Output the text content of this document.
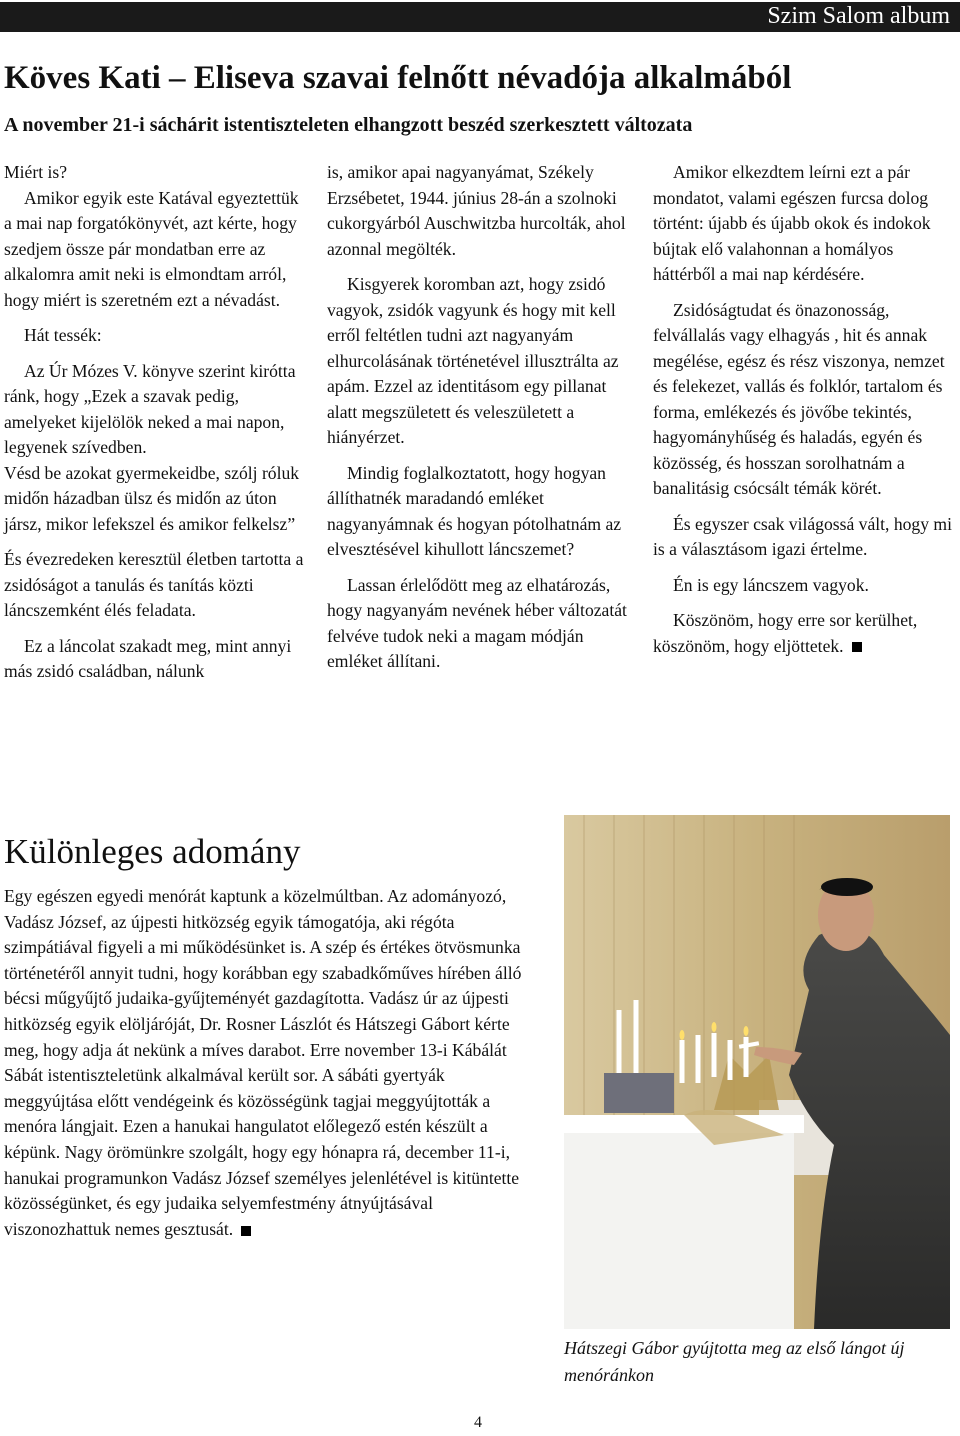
Szim Salom album
Köves Kati – Eliseva szavai felnőtt névadója alkalmából
A november 21-i sáchárit istentiszteleten elhangzott beszéd szerkesztett változata

Miért is?

Amikor egyik este Katával egyeztettük a mai nap forgatókönyvét, azt kérte, hogy szedjem össze pár mondatban erre az alkalomra amit neki is elmondtam arról, hogy miért is szeretném ezt a névadást.

Hát tessék:

Az Úr Mózes V. könyve szerint kirótta ránk, hogy „Ezek a szavak pedig, amelyeket kijelölök neked a mai napon, legyenek szívedben.

Vésd be azokat gyermekeidbe, szólj róluk midőn házadban ülsz és midőn az úton jársz, mikor lefekszel és amikor felkelsz”

És évezredeken keresztül életben tartotta a zsidóságot a tanulás és tanítás közti láncszemként élés feladata.

Ez a láncolat szakadt meg, mint annyi más zsidó családban, nálunk

is, amikor apai nagyanyámat, Székely Erzsébetet, 1944. június 28-án a szolnoki cukorgyárból Auschwitzba hurcolták, ahol azonnal megölték.

Kisgyerek koromban azt, hogy zsidó vagyok, zsidók vagyunk és hogy mit kell erről feltétlen tudni azt nagyanyám elhurcolásának történetével illusztrálta az apám. Ezzel az identitásom egy pillanat alatt megszületett és veleszületett a hiányérzet.

Mindig foglalkoztatott, hogy hogyan állíthatnék maradandó emléket nagyanyámnak és hogyan pótolhatnám az elvesztésével kihullott láncszemet?

Lassan érlelődött meg az elhatározás, hogy nagyanyám nevének héber változatát felvéve tudok neki a magam módján emléket állítani.

Amikor elkezdtem leírni ezt a pár mondatot, valami egészen furcsa dolog történt: újabb és újabb okok és indokok bújtak elő valahonnan a homályos háttérből a mai nap kérdésére.

Zsidóságtudat és önazonosság, felvállalás vagy elhagyás , hit és annak megélése, egész és rész viszonya, nemzet és felekezet, vallás és folklór, tartalom és forma, emlékezés és jövőbe tekintés, hagyományhűség és haladás, egyén és közösség, és hosszan sorolhatnám a banalitásig csócsált témák körét.

És egyszer csak világossá vált, hogy mi is a választásom igazi értelme.

Én is egy láncszem vagyok.

Köszönöm, hogy erre sor kerülhet, köszönöm, hogy eljöttetek.

Különleges adomány

Egy egészen egyedi menórát kaptunk a közelmúltban. Az adományozó, Vadász József, az újpesti hitközség egyik támogatója, aki régóta szimpátiával figyeli a mi működésünket is. A szép és értékes ötvösmunka történetéről annyit tudni, hogy korábban egy szabadkőműves hírében álló bécsi műgyűjtő judaika-gyűjteményét gazdagította. Vadász úr az újpesti hitközség egyik elöljáróját, Dr. Rosner Lászlót és Hátszegi Gábort kérte meg, hogy adja át nekünk a míves darabot. Erre november 13-i Kábálát Sábát istentiszteletünk alkalmával került sor. A sábáti gyertyák meggyújtása előtt vendégeink és közösségünk tagjai meggyújtották a menóra lángjait. Ezen a hanukai hangulatot előlegező estén készült a képünk. Nagy örömünkre szolgált, hogy egy hónapra rá, december 11-i, hanukai programunkon Vadász József személyes jelenlétével is kitüntette közösségünket, és egy judaika selyemfestmény átnyújtásával viszonozhattuk nemes gesztusát.

Hátszegi Gábor gyújtotta meg az első lángot új menóránkon

4
